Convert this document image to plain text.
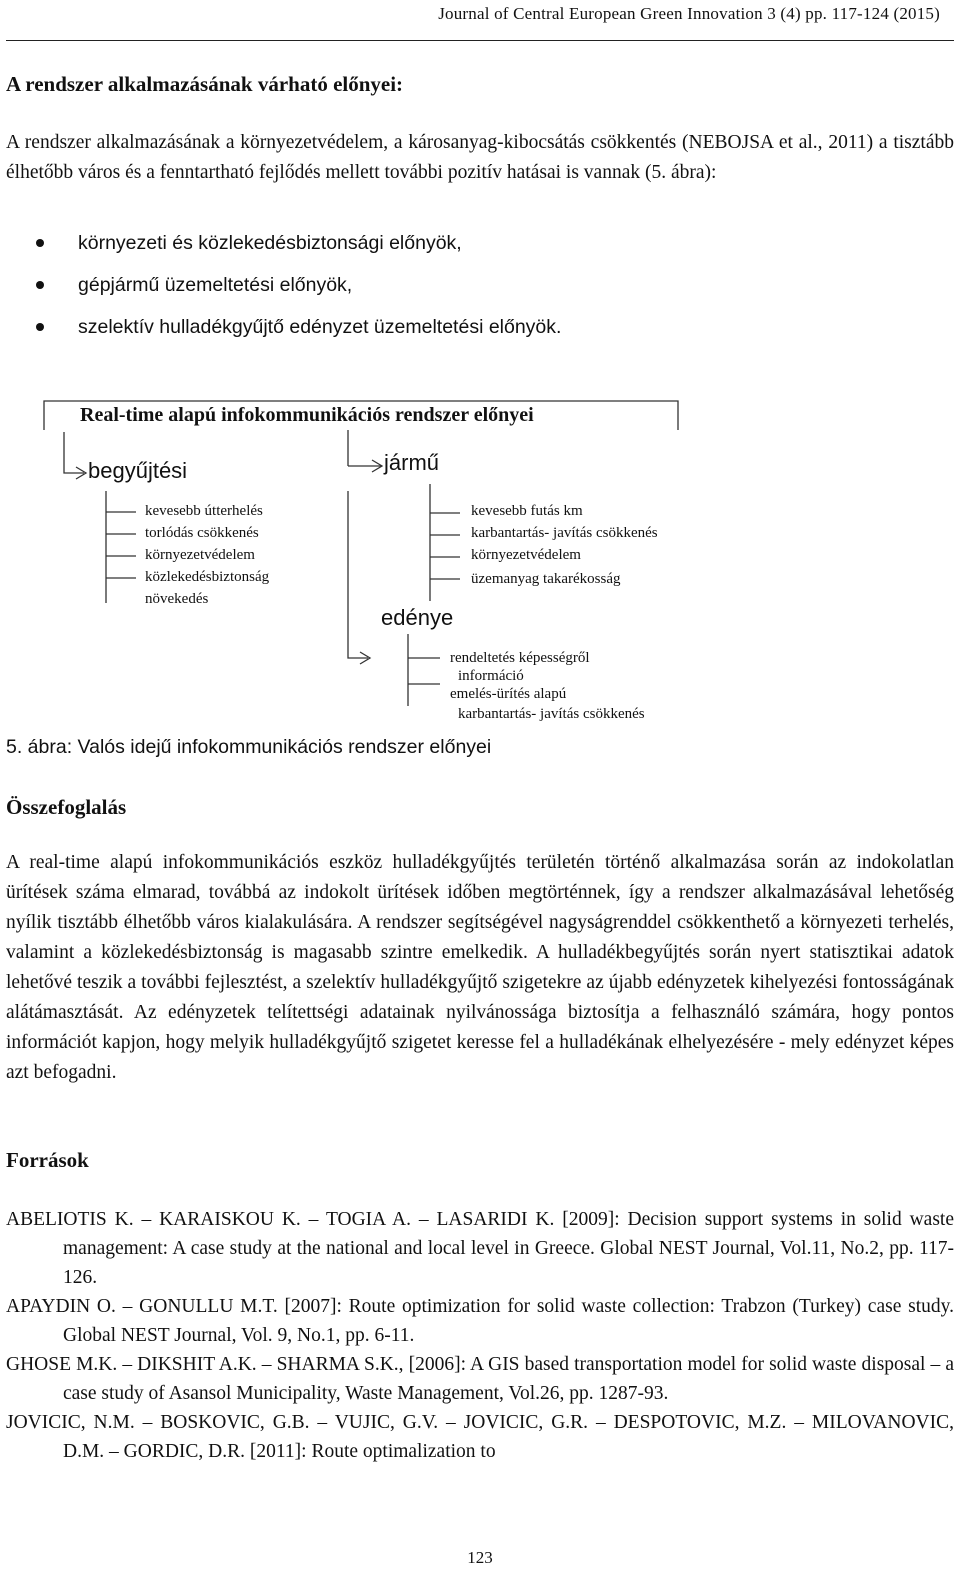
Journal of Central European Green Innovation 3 (4) pp. 117-124 (2015)
A rendszer alkalmazásának várható előnyei:
A rendszer alkalmazásának a környezetvédelem, a károsanyag-kibocsátás csökkentés (NEBOJSA et al., 2011) a tisztább élhetőbb város és a fenntartható fejlődés mellett további pozitív hatásai is vannak (5. ábra):
környezeti és közlekedésbiztonsági előnyök,
gépjármű üzemeltetési előnyök,
szelektív hulladékgyűjtő edényzet üzemeltetési előnyök.
Real-time alapú infokommunikációs rendszer előnyei
begyűjtési	jármű
edénye
kevesebb útterhelés
torlódás csökkenés
környezetvédelem
közlekedésbiztonság
növekedés
kevesebb futás km
karbantartás- javítás csökkenés
környezetvédelem
üzemanyag takarékosság
rendeltetés képességről
információ
emelés-ürítés alapú
karbantartás- javítás csökkenés
5. ábra: Valós idejű infokommunikációs rendszer előnyei
Összefoglalás
A real-time alapú infokommunikációs eszköz hulladékgyűjtés területén történő alkalmazása során az indokolatlan ürítések száma elmarad, továbbá az indokolt ürítések időben megtörténnek, így a rendszer alkalmazásával lehetőség nyílik tisztább élhetőbb város kialakulására. A rendszer segítségével nagyságrenddel csökkenthető a környezeti terhelés, valamint a közlekedésbiztonság is magasabb szintre emelkedik. A hulladékbegyűjtés során nyert statisztikai adatok lehetővé teszik a további fejlesztést, a szelektív hulladékgyűjtő szigetekre az újabb edényzetek kihelyezési fontosságának alátámasztását. Az edényzetek telítettségi adatainak nyilvánossága biztosítja a felhasználó számára, hogy pontos információt kapjon, hogy melyik hulladékgyűjtő szigetet keresse fel a hulladékának elhelyezésére - mely edényzet képes azt befogadni.
Források
ABELIOTIS K. – KARAISKOU K. – TOGIA A. – LASARIDI K. [2009]: Decision support systems in solid waste management: A case study at the national and local level in Greece. Global NEST Journal, Vol.11, No.2, pp. 117-126.
APAYDIN O. – GONULLU M.T. [2007]: Route optimization for solid waste collection: Trabzon (Turkey) case study. Global NEST Journal, Vol. 9, No.1, pp. 6-11.
GHOSE M.K. – DIKSHIT A.K. – SHARMA S.K., [2006]: A GIS based transportation model for solid waste disposal – a case study of Asansol Municipality, Waste Management, Vol.26, pp. 1287-93.
JOVICIC, N.M. – BOSKOVIC, G.B. – VUJIC, G.V. – JOVICIC, G.R. – DESPOTOVIC, M.Z. – MILOVANOVIC, D.M. – GORDIC, D.R. [2011]: Route optimalization to
123
